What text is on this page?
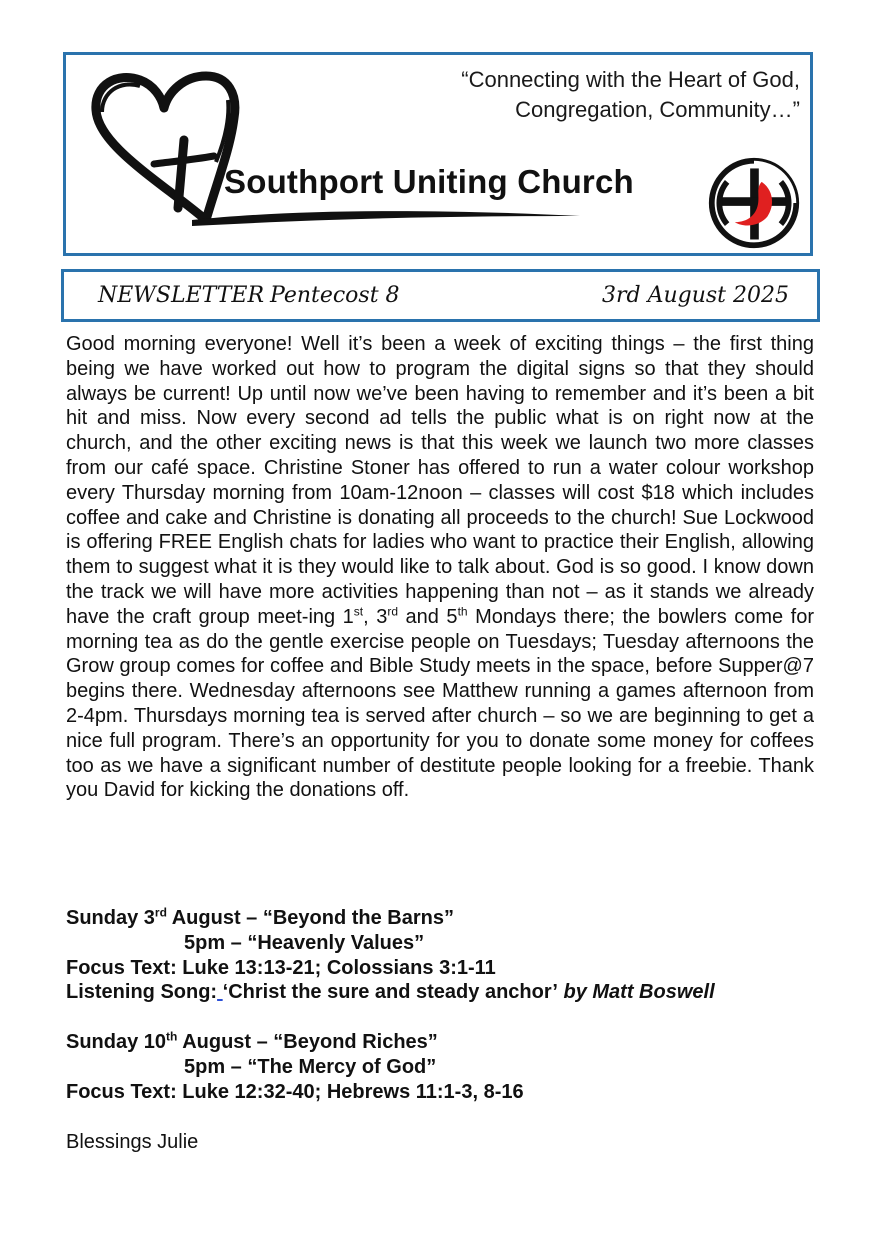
“Connecting with the Heart of God,
Congregation, Community…”
Southport Uniting Church
NEWSLETTER Pentecost 8	3rd August 2025
Good morning everyone! Well it’s been a week of exciting things – the first thing being we have worked out how to program the digital signs so that they should always be current! Up until now we’ve been having to remember and it’s been a bit hit and miss. Now every second ad tells the public what is on right now at the church, and the other exciting news is that this week we launch two more classes from our café space. Christine Stoner has offered to run a water colour workshop every Thursday morning from 10am-12noon – classes will cost $18 which includes coffee and cake and Christine is donating all proceeds to the church! Sue Lockwood is offering FREE English chats for ladies who want to practice their English, allowing them to suggest what it is they would like to talk about. God is so good. I know down the track we will have more activities happening than not – as it stands we already have the craft group meet-ing 1st, 3rd and 5th Mondays there; the bowlers come for morning tea as do the gentle exercise people on Tuesdays; Tuesday afternoons the Grow group comes for coffee and Bible Study meets in the space, before Supper@7 begins there. Wednesday afternoons see Matthew running a games afternoon from 2-4pm. Thursdays morning tea is served after church – so we are beginning to get a nice full program. There’s an opportunity for you to donate some money for coffees too as we have a significant number of destitute people looking for a freebie. Thank you David for kicking the donations off.

Sunday 3rd August – “Beyond the Barns”

5pm – “Heavenly Values”

Focus Text: Luke 13:13-21; Colossians 3:1-11

Listening Song: ‘Christ the sure and steady anchor’ by Matt Boswell

Sunday 10th August – “Beyond Riches”

5pm – “The Mercy of God”

Focus Text: Luke 12:32-40; Hebrews 11:1-3, 8-16

Blessings Julie
